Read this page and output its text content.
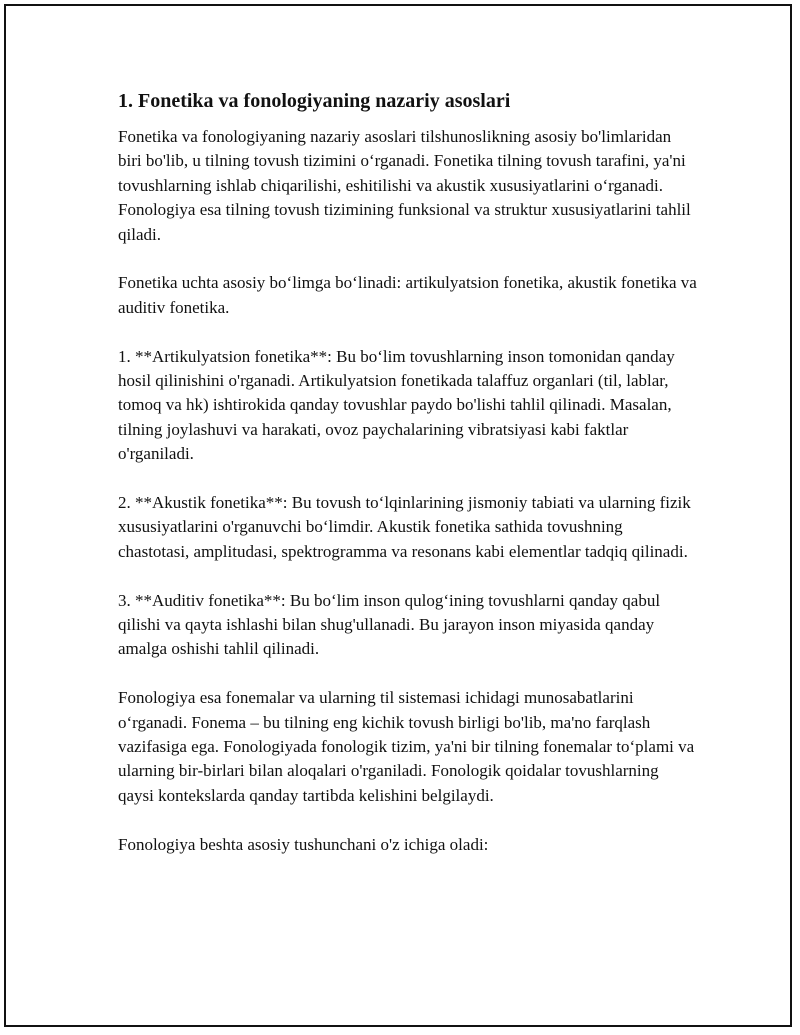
1. Fonetika va fonologiyaning nazariy asoslari

Fonetika va fonologiyaning nazariy asoslari tilshunoslikning asosiy bo'limlaridan biri bo'lib, u tilning tovush tizimini o‘rganadi. Fonetika tilning tovush tarafini, ya'ni tovushlarning ishlab chiqarilishi, eshitilishi va akustik xususiyatlarini o‘rganadi. Fonologiya esa tilning tovush tizimining funksional va struktur xususiyatlarini tahlil qiladi.

Fonetika uchta asosiy bo‘limga bo‘linadi: artikulyatsion fonetika, akustik fonetika va auditiv fonetika.

1. **Artikulyatsion fonetika**: Bu bo‘lim tovushlarning inson tomonidan qanday hosil qilinishini o'rganadi. Artikulyatsion fonetikada talaffuz organlari (til, lablar, tomoq va hk) ishtirokida qanday tovushlar paydo bo'lishi tahlil qilinadi. Masalan, tilning joylashuvi va harakati, ovoz paychalarining vibratsiyasi kabi faktlar o'rganiladi.

2. **Akustik fonetika**: Bu tovush to‘lqinlarining jismoniy tabiati va ularning fizik xususiyatlarini o'rganuvchi bo‘limdir. Akustik fonetika sathida tovushning chastotasi, amplitudasi, spektrogramma va resonans kabi elementlar tadqiq qilinadi.

3. **Auditiv fonetika**: Bu bo‘lim inson qulog‘ining tovushlarni qanday qabul qilishi va qayta ishlashi bilan shug'ullanadi. Bu jarayon inson miyasida qanday amalga oshishi tahlil qilinadi.

Fonologiya esa fonemalar va ularning til sistemasi ichidagi munosabatlarini o‘rganadi. Fonema – bu tilning eng kichik tovush birligi bo'lib, ma'no farqlash vazifasiga ega. Fonologiyada fonologik tizim, ya'ni bir tilning fonemalar to‘plami va ularning bir-birlari bilan aloqalari o'rganiladi. Fonologik qoidalar tovushlarning qaysi kontekslarda qanday tartibda kelishini belgilaydi.

Fonologiya beshta asosiy tushunchani o'z ichiga oladi:
